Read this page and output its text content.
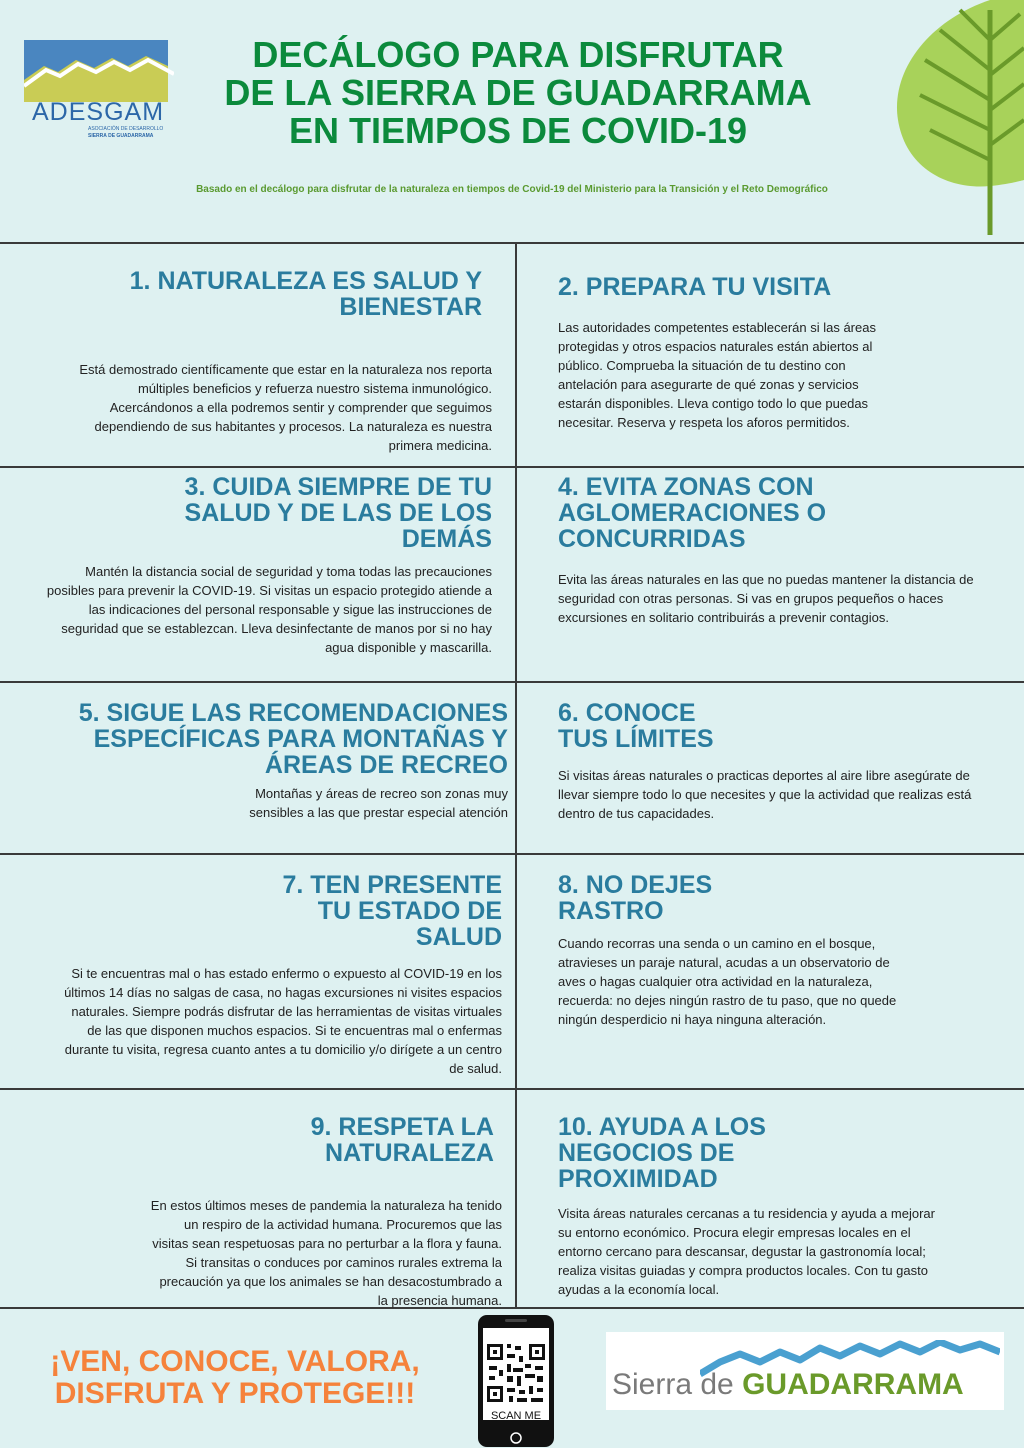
ADESGAM
ASOCIACIÓN DE DESARROLLO
SIERRA DE GUADARRAMA
DECÁLOGO PARA DISFRUTAR
DE LA SIERRA DE GUADARRAMA
EN TIEMPOS DE COVID-19
Basado en el decálogo para disfrutar de la naturaleza en tiempos de Covid-19 del Ministerio para la Transición y el Reto Demográfico
1. NATURALEZA ES SALUD Y BIENESTAR

Está demostrado científicamente que estar en la naturaleza nos reporta múltiples beneficios y refuerza nuestro sistema inmunológico. Acercándonos a ella podremos sentir y comprender que seguimos dependiendo de sus habitantes y procesos. La naturaleza es nuestra primera medicina.

2. PREPARA TU VISITA

Las autoridades competentes establecerán si las áreas protegidas y otros espacios naturales están abiertos al público. Comprueba la situación de tu destino con antelación para asegurarte de qué zonas y servicios estarán disponibles. Lleva contigo todo lo que puedas necesitar. Reserva y respeta los aforos permitidos.

3. CUIDA SIEMPRE DE TU SALUD Y DE LAS DE LOS DEMÁS

Mantén la distancia social de seguridad y toma todas las precauciones posibles para prevenir la COVID-19. Si visitas un espacio protegido atiende a las indicaciones del personal responsable y sigue las instrucciones de seguridad que se establezcan. Lleva desinfectante de manos por si no hay agua disponible y mascarilla.

4. EVITA ZONAS CON AGLOMERACIONES O CONCURRIDAS

Evita las áreas naturales en las que no puedas mantener la distancia de seguridad con otras personas. Si vas en grupos pequeños o haces excursiones en solitario contribuirás a prevenir contagios.

5. SIGUE LAS RECOMENDACIONES ESPECÍFICAS PARA MONTAÑAS Y ÁREAS DE RECREO

Montañas y áreas de recreo son zonas muy sensibles a las que prestar especial atención

6. CONOCE TUS LÍMITES

Si visitas áreas naturales o practicas deportes al aire libre asegúrate de llevar siempre todo lo que necesites y que la actividad que realizas está dentro de tus capacidades.

7. TEN PRESENTE TU ESTADO DE SALUD

Si te encuentras mal o has estado enfermo o expuesto al COVID-19 en los últimos 14 días no salgas de casa, no hagas excursiones ni visites espacios naturales. Siempre podrás disfrutar de las herramientas de visitas virtuales de las que disponen muchos espacios. Si te encuentras mal o enfermas durante tu visita, regresa cuanto antes a tu domicilio y/o dirígete a un centro de salud.

8. NO DEJES RASTRO

Cuando recorras una senda o un camino en el bosque, atravieses un paraje natural, acudas a un observatorio de aves o hagas cualquier otra actividad en la naturaleza, recuerda: no dejes ningún rastro de tu paso, que no quede ningún desperdicio ni haya ninguna alteración.

9. RESPETA LA NATURALEZA

En estos últimos meses de pandemia la naturaleza ha tenido un respiro de la actividad humana. Procuremos que las visitas sean respetuosas para no perturbar a la flora y fauna. Si transitas o conduces por caminos rurales extrema la precaución ya que los animales se han desacostumbrado a la presencia humana.

10. AYUDA A LOS NEGOCIOS DE PROXIMIDAD

Visita áreas naturales cercanas a tu residencia y ayuda a mejorar su entorno económico. Procura elegir empresas locales en el entorno cercano para descansar, degustar la gastronomía local; realiza visitas guiadas y compra productos locales. Con tu gasto ayudas a la economía local.

¡VEN, CONOCE, VALORA, DISFRUTA Y PROTEGE!!!
SCAN ME
Sierra de GUADARRAMA
